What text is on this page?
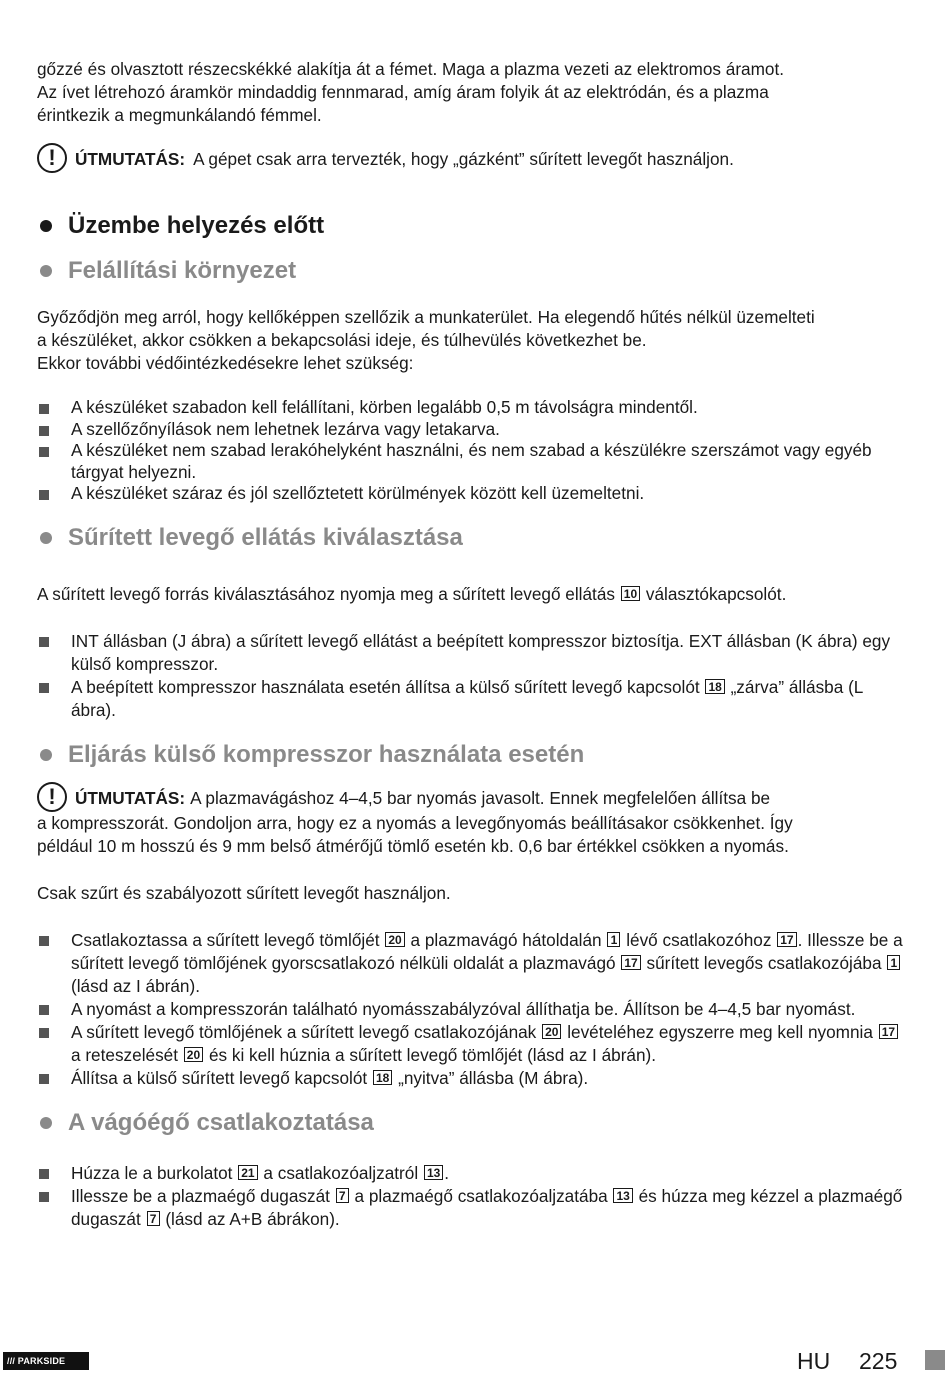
gőzzé és olvasztott részecskékké alakítja át a fémet. Maga a plazma vezeti az elektromos áramot.

Az ívet létrehozó áramkör mindaddig fennmarad, amíg áram folyik át az elektródán, és a plazma

érintkezik a megmunkálandó fémmel.

!	ÚTMUTATÁS: A gépet csak arra tervezték, hogy „gázként” sűrített levegőt használjon.
Üzembe helyezés előtt
Felállítási környezet

Győződjön meg arról, hogy kellőképpen szellőzik a munkaterület. Ha elegendő hűtés nélkül üzemelteti

a készüléket, akkor csökken a bekapcsolási ideje, és túlhevülés következhet be.

Ekkor további védőintézkedésekre lehet szükség:

A készüléket szabadon kell felállítani, körben legalább 0,5 m távolságra mindentől.
A szellőzőnyílások nem lehetnek lezárva vagy letakarva.
A készüléket nem szabad lerakóhelyként használni, és nem szabad a készülékre szerszámot vagy egyéb tárgyat helyezni.
A készüléket száraz és jól szellőztetett körülmények között kell üzemeltetni.
Sűrített levegő ellátás kiválasztása

A sűrített levegő forrás kiválasztásához nyomja meg a sűrített levegő ellátás 10 választókapcsolót.

INT állásban (J ábra) a sűrített levegő ellátást a beépített kompresszor biztosítja. EXT állásban (K ábra) egy külső kompresszor.
A beépített kompresszor használata esetén állítsa a külső sűrített levegő kapcsolót 18 „zárva” állásba (L ábra).
Eljárás külső kompresszor használata esetén
!	ÚTMUTATÁS: A plazmavágáshoz 4–4,5 bar nyomás javasolt. Ennek megfelelően állítsa be

a kompresszorát. Gondoljon arra, hogy ez a nyomás a levegőnyomás beállításakor csökkenhet. Így

például 10 m hosszú és 9 mm belső átmérőjű tömlő esetén kb. 0,6 bar értékkel csökken a nyomás.

Csak szűrt és szabályozott sűrített levegőt használjon.

Csatlakoztassa a sűrített levegő tömlőjét 20 a plazmavágó hátoldalán 1 lévő csatlakozóhoz 17 . Illessze be a sűrített levegő tömlőjének gyorscsatlakozó nélküli oldalát a plazmavágó 17 sűrített levegős csatlakozójába 1 (lásd az I ábrán).
A nyomást a kompresszorán található nyomásszabályzóval állíthatja be. Állítson be 4–4,5 bar nyomást.
A sűrített levegő tömlőjének a sűrített levegő csatlakozójának 20 levételéhez egyszerre meg kell nyomnia 17 a reteszelését 20 és ki kell húznia a sűrített levegő tömlőjét (lásd az I ábrán).
Állítsa a külső sűrített levegő kapcsolót 18 „nyitva” állásba (M ábra).
A vágóégő csatlakoztatása
Húzza le a burkolatot 21 a csatlakozóaljzatról 13 .
Illessze be a plazmaégő dugaszát 7 a plazmaégő csatlakozóaljzatába 13 és húzza meg kézzel a plazmaégő dugaszát 7 (lásd az A+B ábrákon).
/// PARKSIDE	HU 225
